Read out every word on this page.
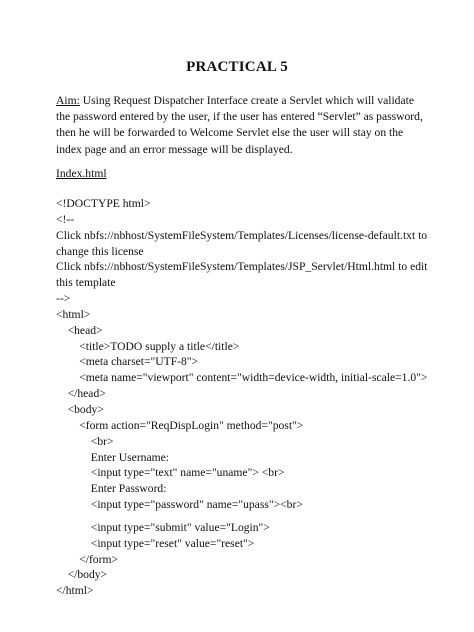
PRACTICAL 5
Aim: Using Request Dispatcher Interface create a Servlet which will validate the password entered by the user, if the user has entered “Servlet” as password, then he will be forwarded to Welcome Servlet else the user will stay on the index page and an error message will be displayed.
Index.html
<!DOCTYPE html>
<!--
Click nbfs://nbhost/SystemFileSystem/Templates/Licenses/license-default.txt to change this license
Click nbfs://nbhost/SystemFileSystem/Templates/JSP_Servlet/Html.html to edit this template
-->
<html>
<head>
<title>TODO supply a title</title>
<meta charset="UTF-8">
<meta name="viewport" content="width=device-width, initial-scale=1.0">
</head>
<body>
<form action="ReqDispLogin" method="post">
<br>
Enter Username:
<input type="text" name="uname"> <br>
Enter Password:
<input type="password" name="upass"><br>
<input type="submit" value="Login">
<input type="reset" value="reset">
</form>
</body>
</html>
